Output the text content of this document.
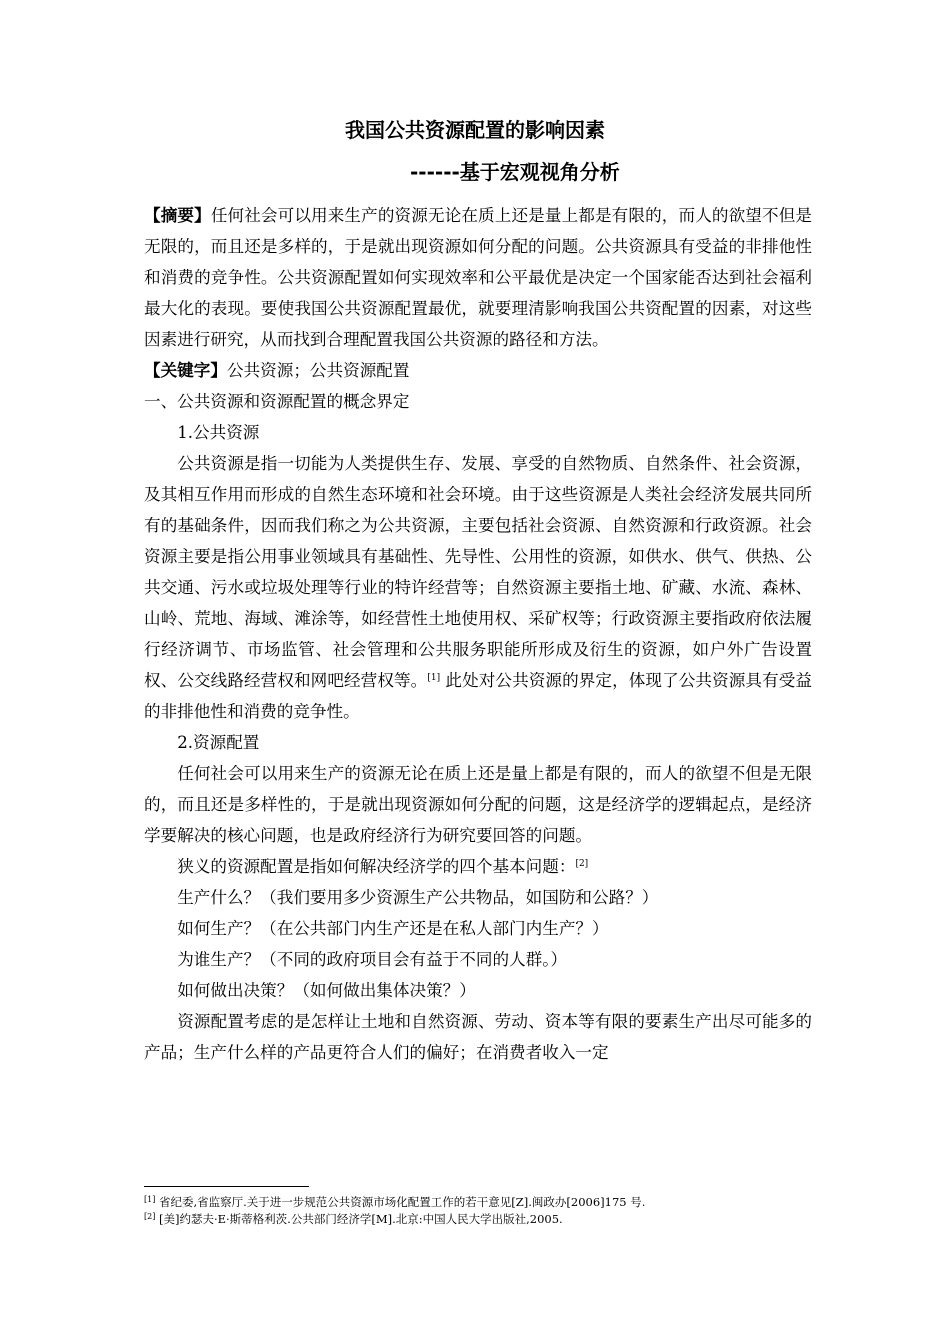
我国公共资源配置的影响因素
------基于宏观视角分析

【摘要】任何社会可以用来生产的资源无论在质上还是量上都是有限的，而人的欲望不但是无限的，而且还是多样的，于是就出现资源如何分配的问题。公共资源具有受益的非排他性和消费的竞争性。公共资源配置如何实现效率和公平最优是决定一个国家能否达到社会福利最大化的表现。要使我国公共资源配置最优，就要理清影响我国公共资配置的因素，对这些因素进行研究，从而找到合理配置我国公共资源的路径和方法。

【关键字】公共资源；公共资源配置

一、公共资源和资源配置的概念界定

1.公共资源

公共资源是指一切能为人类提供生存、发展、享受的自然物质、自然条件、社会资源，及其相互作用而形成的自然生态环境和社会环境。由于这些资源是人类社会经济发展共同所有的基础条件，因而我们称之为公共资源，主要包括社会资源、自然资源和行政资源。社会资源主要是指公用事业领域具有基础性、先导性、公用性的资源，如供水、供气、供热、公共交通、污水或垃圾处理等行业的特许经营等；自然资源主要指土地、矿藏、水流、森林、山岭、荒地、海域、滩涂等，如经营性土地使用权、采矿权等；行政资源主要指政府依法履行经济调节、市场监管、社会管理和公共服务职能所形成及衍生的资源，如户外广告设置权、公交线路经营权和网吧经营权等。[1] 此处对公共资源的界定，体现了公共资源具有受益的非排他性和消费的竞争性。

2.资源配置

任何社会可以用来生产的资源无论在质上还是量上都是有限的，而人的欲望不但是无限的，而且还是多样性的，于是就出现资源如何分配的问题，这是经济学的逻辑起点，是经济学要解决的核心问题，也是政府经济行为研究要回答的问题。

狭义的资源配置是指如何解决经济学的四个基本问题：[2]

生产什么？（我们要用多少资源生产公共物品，如国防和公路？）

如何生产？（在公共部门内生产还是在私人部门内生产？）

为谁生产？（不同的政府项目会有益于不同的人群。）

如何做出决策？（如何做出集体决策？）

资源配置考虑的是怎样让土地和自然资源、劳动、资本等有限的要素生产出尽可能多的产品；生产什么样的产品更符合人们的偏好；在消费者收入一定

[1] 省纪委,省监察厅.关于进一步规范公共资源市场化配置工作的若干意见[Z].闽政办[2006]175 号.

[2] [美]约瑟夫·E·斯蒂格利茨.公共部门经济学[M].北京:中国人民大学出版社,2005.
